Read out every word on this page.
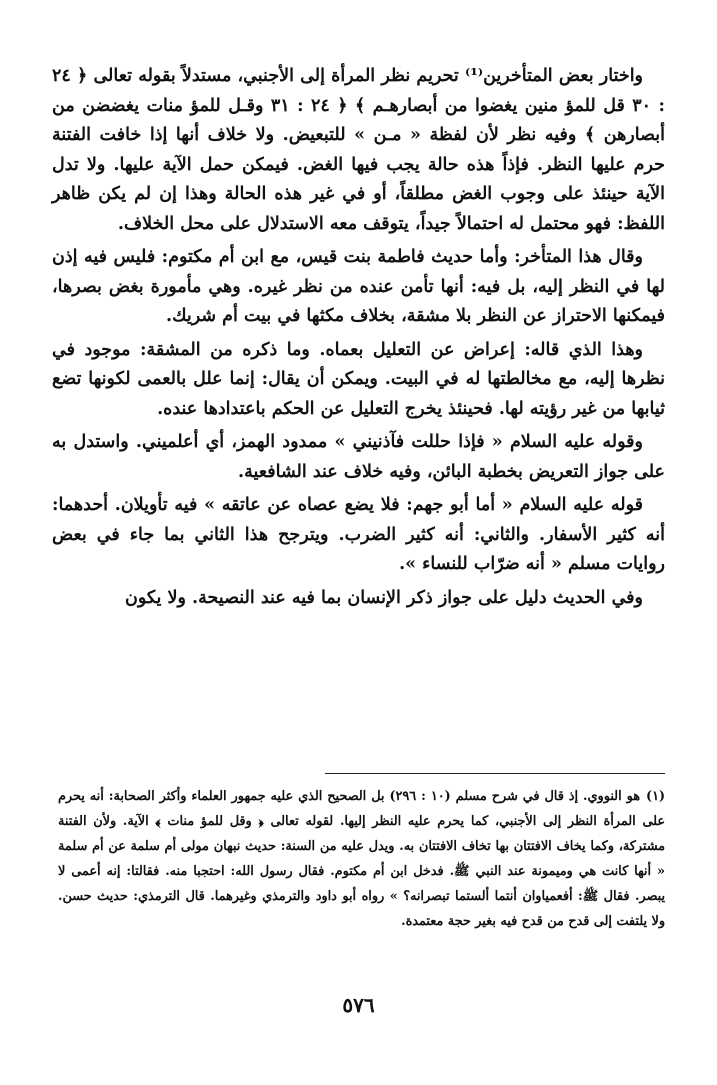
واختار بعض المتأخرين⁽¹⁾ تحريم نظر المرأة إلى الأجنبي، مستدلاً بقوله تعالى ﴿ ٢٤ : ٣٠ قل للمؤ منين يغضوا من أبصارهـم ﴾ ﴿ ٢٤ : ٣١ وقـل للمؤ منات يغضضن من أبصارهن ﴾ وفيه نظر لأن لفظة « مـن » للتبعيض. ولا خلاف أنها إذا خافت الفتنة حرم عليها النظر. فإذاً هذه حالة يجب فيها الغض. فيمكن حمل الآية عليها. ولا تدل الآية حينئذ على وجوب الغض مطلقاً، أو في غير هذه الحالة وهذا إن لم يكن ظاهر اللفظ: فهو محتمل له احتمالاً جيداً، يتوقف معه الاستدلال على محل الخلاف.

وقال هذا المتأخر: وأما حديث فاطمة بنت قيس، مع ابن أم مكتوم: فليس فيه إذن لها في النظر إليه، بل فيه: أنها تأمن عنده من نظر غيره. وهي مأمورة بغض بصرها، فيمكنها الاحتراز عن النظر بلا مشقة، بخلاف مكثها في بيت أم شريك.

وهذا الذي قاله: إعراض عن التعليل بعماه. وما ذكره من المشقة: موجود في نظرها إليه، مع مخالطتها له في البيت. ويمكن أن يقال: إنما علل بالعمى لكونها تضع ثيابها من غير رؤيته لها. فحينئذ يخرج التعليل عن الحكم باعتدادها عنده.

وقوله عليه السلام « فإذا حللت فآذنيني » ممدود الهمز، أي أعلميني. واستدل به على جواز التعريض بخطبة البائن، وفيه خلاف عند الشافعية.

قوله عليه السلام « أما أبو جهم: فلا يضع عصاه عن عاتقه » فيه تأويلان. أحدهما: أنه كثير الأسفار. والثاني: أنه كثير الضرب. ويترجح هذا الثاني بما جاء في بعض روايات مسلم « أنه ضرّاب للنساء ».

وفي الحديث دليل على جواز ذكر الإنسان بما فيه عند النصيحة. ولا يكون

(١)هو النووي. إذ قال في شرح مسلم (١٠ : ٢٩٦) بل الصحيح الذي عليه جمهور العلماء وأكثر الصحابة: أنه يحرم على المرأة النظر إلى الأجنبي، كما يحرم عليه النظر إليها. لقوله تعالى ﴿ وقل للمؤ منات ﴾ الآية. ولأن الفتنة مشتركة، وكما يخاف الافتتان بها تخاف الافتتان به. ويدل عليه من السنة: حديث نبهان مولى أم سلمة عن أم سلمة « أنها كانت هي وميمونة عند النبي ﷺ. فدخل ابن أم مكتوم. فقال رسول الله: احتجبا منه. فقالتا: إنه أعمى لا يبصر. فقال ﷺ: أفعمياوان أنتما ألستما تبصرانه؟ » رواه أبو داود والترمذي وغيرهما. قال الترمذي: حديث حسن. ولا يلتفت إلى قدح من قدح فيه بغير حجة معتمدة.

٥٧٦
